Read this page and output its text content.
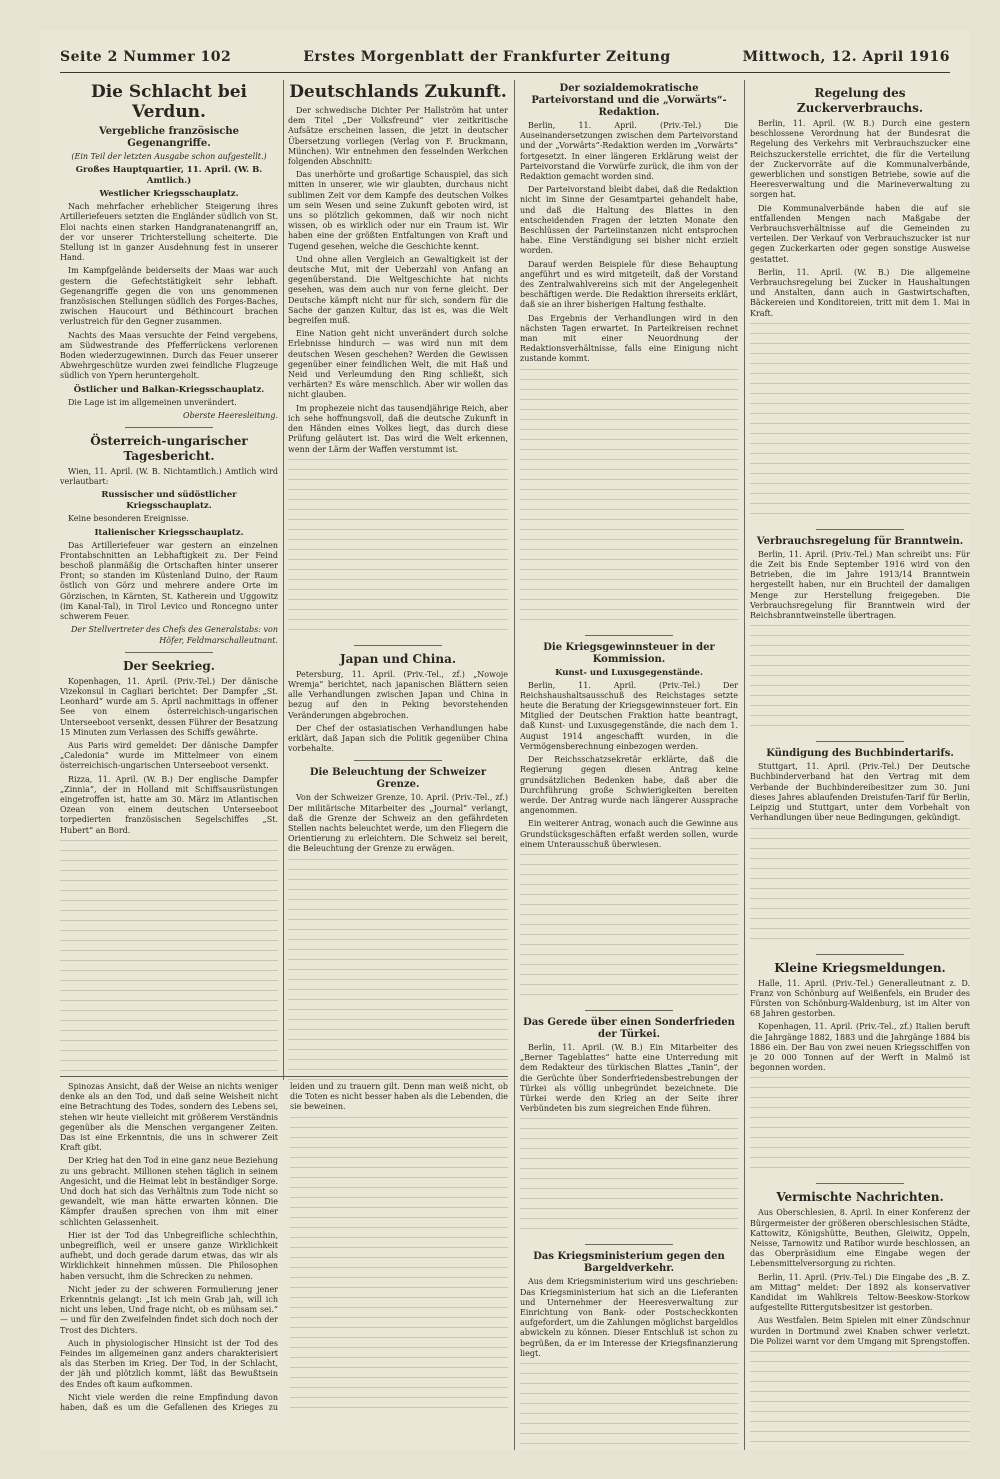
Seite 2 Nummer 102	Erstes Morgenblatt der Frankfurter Zeitung	Mittwoch, 12. April 1916
Die Schlacht bei Verdun.
Vergebliche französische Gegenangriffe.
(Ein Teil der letzten Ausgabe schon aufgestellt.)
Großes Hauptquartier, 11. April. (W. B. Amtlich.)
Westlicher Kriegsschauplatz.

Nach mehrfacher erheblicher Steigerung ihres Artilleriefeuers setzten die Engländer südlich von St. Eloi nachts einen starken Handgranatenangriff an, der vor unserer Trichterstellung scheiterte. Die Stellung ist in ganzer Ausdehnung fest in unserer Hand.

Im Kampfgelände beiderseits der Maas war auch gestern die Gefechtstätigkeit sehr lebhaft. Gegenangriffe gegen die von uns genommenen französischen Stellungen südlich des Forges-Baches, zwischen Haucourt und Béthincourt brachen verlustreich für den Gegner zusammen.

Nachts des Maas versuchte der Feind vergebens, am Südwestrande des Pfefferrückens verlorenen Boden wiederzugewinnen. Durch das Feuer unserer Abwehrgeschütze wurden zwei feindliche Flugzeuge südlich von Ypern heruntergeholt.

Östlicher und Balkan-Kriegsschauplatz.

Die Lage ist im allgemeinen unverändert.

Oberste Heeresleitung.
Österreich-ungarischer Tagesbericht.

Wien, 11. April. (W. B. Nichtamtlich.) Amtlich wird verlautbart:

Russischer und südöstlicher Kriegsschauplatz.

Keine besonderen Ereignisse.

Italienischer Kriegsschauplatz.

Das Artilleriefeuer war gestern an einzelnen Frontabschnitten an Lebhaftigkeit zu. Der Feind beschoß planmäßig die Ortschaften hinter unserer Front; so standen im Küstenland Duino, der Raum östlich von Görz und mehrere andere Orte im Görzischen, in Kärnten, St. Katherein und Uggowitz (im Kanal-Tal), in Tirol Levico und Roncegno unter schwerem Feuer.

Der Stellvertreter des Chefs des Generalstabs: von Höfer, Feldmarschalleutnant.
Der Seekrieg.

Kopenhagen, 11. April. (Priv.-Tel.) Der dänische Vizekonsul in Cagliari berichtet: Der Dampfer „St. Leonhard“ wurde am 5. April nachmittags in offener See von einem österreichisch-ungarischen Unterseeboot versenkt, dessen Führer der Besatzung 15 Minuten zum Verlassen des Schiffs gewährte.

Aus Paris wird gemeldet: Der dänische Dampfer „Caledonia“ wurde im Mittelmeer von einem österreichisch-ungarischen Unterseeboot versenkt.

Rizza, 11. April. (W. B.) Der englische Dampfer „Zinnia“, der in Holland mit Schiffsausrüstungen eingetroffen ist, hatte am 30. März im Atlantischen Ozean von einem deutschen Unterseeboot torpedierten französischen Segelschiffes „St. Hubert“ an Bord.

Deutschlands Zukunft.

Der schwedische Dichter Per Hallström hat unter dem Titel „Der Volksfreund“ vier zeitkritische Aufsätze erscheinen lassen, die jetzt in deutscher Übersetzung vorliegen (Verlag von F. Bruckmann, München). Wir entnehmen den fesselnden Werkchen folgenden Abschnitt:

Das unerhörte und großartige Schauspiel, das sich mitten in unserer, wie wir glaubten, durchaus nicht sublimen Zeit vor dem Kampfe des deutschen Volkes um sein Wesen und seine Zukunft geboten wird, ist uns so plötzlich gekommen, daß wir noch nicht wissen, ob es wirklich oder nur ein Traum ist. Wir haben eine der größten Entfaltungen von Kraft und Tugend gesehen, welche die Geschichte kennt.

Und ohne allen Vergleich an Gewaltigkeit ist der deutsche Mut, mit der Ueberzahl von Anfang an gegenüberstand. Die Weltgeschichte hat nichts gesehen, was dem auch nur von ferne gleicht. Der Deutsche kämpft nicht nur für sich, sondern für die Sache der ganzen Kultur, das ist es, was die Welt begreifen muß.

Eine Nation geht nicht unverändert durch solche Erlebnisse hindurch — was wird nun mit dem deutschen Wesen geschehen? Werden die Gewissen gegenüber einer feindlichen Welt, die mit Haß und Neid und Verleumdung den Ring schließt, sich verhärten? Es wäre menschlich. Aber wir wollen das nicht glauben.

Im prophezeie nicht das tausendjährige Reich, aber ich sehe hoffnungsvoll, daß die deutsche Zukunft in den Händen eines Volkes liegt, das durch diese Prüfung geläutert ist. Das wird die Welt erkennen, wenn der Lärm der Waffen verstummt ist.

Japan und China.

Petersburg, 11. April. (Priv.-Tel., zf.) „Nowoje Wremja“ berichtet, nach japanischen Blättern seien alle Verhandlungen zwischen Japan und China in bezug auf den in Peking bevorstehenden Veränderungen abgebrochen.

Der Chef der ostasiatischen Verhandlungen habe erklärt, daß Japan sich die Politik gegenüber China vorbehalte.

Die Beleuchtung der Schweizer Grenze.

Von der Schweizer Grenze, 10. April. (Priv.-Tel., zf.) Der militärische Mitarbeiter des „Journal“ verlangt, daß die Grenze der Schweiz an den gefährdeten Stellen nachts beleuchtet werde, um den Fliegern die Orientierung zu erleichtern. Die Schweiz sei bereit, die Beleuchtung der Grenze zu erwägen.

Der sozialdemokratische Parteivorstand und die „Vorwärts“-Redaktion.

Berlin, 11. April. (Priv.-Tel.) Die Auseinandersetzungen zwischen dem Parteivorstand und der „Vorwärts“-Redaktion werden im „Vorwärts“ fortgesetzt. In einer längeren Erklärung weist der Parteivorstand die Vorwürfe zurück, die ihm von der Redaktion gemacht worden sind.

Der Parteivorstand bleibt dabei, daß die Redaktion nicht im Sinne der Gesamtpartei gehandelt habe, und daß die Haltung des Blattes in den entscheidenden Fragen der letzten Monate den Beschlüssen der Parteiinstanzen nicht entsprochen habe. Eine Verständigung sei bisher nicht erzielt worden.

Darauf werden Beispiele für diese Behauptung angeführt und es wird mitgeteilt, daß der Vorstand des Zentralwahlvereins sich mit der Angelegenheit beschäftigen werde. Die Redaktion ihrerseits erklärt, daß sie an ihrer bisherigen Haltung festhalte.

Das Ergebnis der Verhandlungen wird in den nächsten Tagen erwartet. In Parteikreisen rechnet man mit einer Neuordnung der Redaktionsverhältnisse, falls eine Einigung nicht zustande kommt.

Die Kriegsgewinnsteuer in der Kommission.
Kunst- und Luxusgegenstände.

Berlin, 11. April. (Priv.-Tel.) Der Reichshaushaltsausschuß des Reichstages setzte heute die Beratung der Kriegsgewinnsteuer fort. Ein Mitglied der Deutschen Fraktion hatte beantragt, daß Kunst- und Luxusgegenstände, die nach dem 1. August 1914 angeschafft wurden, in die Vermögensberechnung einbezogen werden.

Der Reichsschatzsekretär erklärte, daß die Regierung gegen diesen Antrag keine grundsätzlichen Bedenken habe, daß aber die Durchführung große Schwierigkeiten bereiten werde. Der Antrag wurde nach längerer Aussprache angenommen.

Ein weiterer Antrag, wonach auch die Gewinne aus Grundstücksgeschäften erfaßt werden sollen, wurde einem Unterausschuß überwiesen.

Das Gerede über einen Sonderfrieden der Türkei.

Berlin, 11. April. (W. B.) Ein Mitarbeiter des „Berner Tageblattes“ hatte eine Unterredung mit dem Redakteur des türkischen Blattes „Tanin“, der die Gerüchte über Sonderfriedensbestrebungen der Türkei als völlig unbegründet bezeichnete. Die Türkei werde den Krieg an der Seite ihrer Verbündeten bis zum siegreichen Ende führen.

Das Kriegsministerium gegen den Bargeldverkehr.

Aus dem Kriegsministerium wird uns geschrieben: Das Kriegsministerium hat sich an die Lieferanten und Unternehmer der Heeresverwaltung zur Einrichtung von Bank- oder Postscheckkonten aufgefordert, um die Zahlungen möglichst bargeldlos abwickeln zu können. Dieser Entschluß ist schon zu begrüßen, da er im Interesse der Kriegsfinanzierung liegt.

Regelung des Zuckerverbrauchs.

Berlin, 11. April. (W. B.) Durch eine gestern beschlossene Verordnung hat der Bundesrat die Regelung des Verkehrs mit Verbrauchszucker eine Reichszuckerstelle errichtet, die für die Verteilung der Zuckervorräte auf die Kommunalverbände, gewerblichen und sonstigen Betriebe, sowie auf die Heeresverwaltung und die Marineverwaltung zu sorgen hat.

Die Kommunalverbände haben die auf sie entfallenden Mengen nach Maßgabe der Verbrauchsverhältnisse auf die Gemeinden zu verteilen. Der Verkauf von Verbrauchszucker ist nur gegen Zuckerkarten oder gegen sonstige Ausweise gestattet.

Berlin, 11. April. (W. B.) Die allgemeine Verbrauchsregelung bei Zucker in Haushaltungen und Anstalten, dann auch in Gastwirtschaften, Bäckereien und Konditoreien, tritt mit dem 1. Mai in Kraft.

Verbrauchsregelung für Branntwein.

Berlin, 11. April. (Priv.-Tel.) Man schreibt uns: Für die Zeit bis Ende September 1916 wird von den Betrieben, die im Jahre 1913/14 Branntwein hergestellt haben, nur ein Bruchteil der damaligen Menge zur Herstellung freigegeben. Die Verbrauchsregelung für Branntwein wird der Reichsbranntweinstelle übertragen.

Kündigung des Buchbindertarifs.

Stuttgart, 11. April. (Priv.-Tel.) Der Deutsche Buchbinderverband hat den Vertrag mit dem Verbande der Buchbindereibesitzer zum 30. Juni dieses Jahres ablaufenden Dreistufen-Tarif für Berlin, Leipzig und Stuttgart, unter dem Vorbehalt von Verhandlungen über neue Bedingungen, gekündigt.

Kleine Kriegsmeldungen.

Halle, 11. April. (Priv.-Tel.) Generalleutnant z. D. Franz von Schönburg auf Weißenfels, ein Bruder des Fürsten von Schönburg-Waldenburg, ist im Alter von 68 Jahren gestorben.

Kopenhagen, 11. April. (Priv.-Tel., zf.) Italien beruft die Jahrgänge 1882, 1883 und die Jahrgänge 1884 bis 1886 ein. Der Bau von zwei neuen Kriegsschiffen von je 20 000 Tonnen auf der Werft in Malmö ist begonnen worden.

Vermischte Nachrichten.

Aus Oberschlesien, 8. April. In einer Konferenz der Bürgermeister der größeren oberschlesischen Städte, Kattowitz, Königshütte, Beuthen, Gleiwitz, Oppeln, Neisse, Tarnowitz und Ratibor wurde beschlossen, an das Oberpräsidium eine Eingabe wegen der Lebensmittelversorgung zu richten.

Berlin, 11. April. (Priv.-Tel.) Die Eingabe des „B. Z. am Mittag“ meldet: Der 1892 als konservativer Kandidat im Wahlkreis Teltow-Beeskow-Storkow aufgestellte Rittergutsbesitzer ist gestorben.

Aus Westfalen. Beim Spielen mit einer Zündschnur wurden in Dortmund zwei Knaben schwer verletzt. Die Polizei warnt vor dem Umgang mit Sprengstoffen.

Spinozas Ansicht, daß der Weise an nichts weniger denke als an den Tod, und daß seine Weisheit nicht eine Betrachtung des Todes, sondern des Lebens sei, stehen wir heute vielleicht mit größerem Verständnis gegenüber als die Menschen vergangener Zeiten. Das ist eine Erkenntnis, die uns in schwerer Zeit Kraft gibt.

Der Krieg hat den Tod in eine ganz neue Beziehung zu uns gebracht. Millionen stehen täglich in seinem Angesicht, und die Heimat lebt in beständiger Sorge. Und doch hat sich das Verhältnis zum Tode nicht so gewandelt, wie man hätte erwarten können. Die Kämpfer draußen sprechen von ihm mit einer schlichten Gelassenheit.

Hier ist der Tod das Unbegreifliche schlechthin, unbegreiflich, weil er unsere ganze Wirklichkeit aufhebt, und doch gerade darum etwas, das wir als Wirklichkeit hinnehmen müssen. Die Philosophen haben versucht, ihm die Schrecken zu nehmen.

Nicht jeder zu der schweren Formulierung jener Erkenntnis gelangt: „Ist ich mein Grab jah, will ich nicht uns leben, Und frage nicht, ob es mühsam sei.“ — und für den Zweifelnden findet sich doch noch der Trost des Dichters.

Auch in physiologischer Hinsicht ist der Tod des Feindes im allgemeinen ganz anders charakterisiert als das Sterben im Krieg. Der Tod, in der Schlacht, der jäh und plötzlich kommt, läßt das Bewußtsein des Endes oft kaum aufkommen.

Nicht viele werden die reine Empfindung davon haben, daß es um die Gefallenen des Krieges zu leiden und zu trauern gilt. Denn man weiß nicht, ob die Toten es nicht besser haben als die Lebenden, die sie beweinen.
